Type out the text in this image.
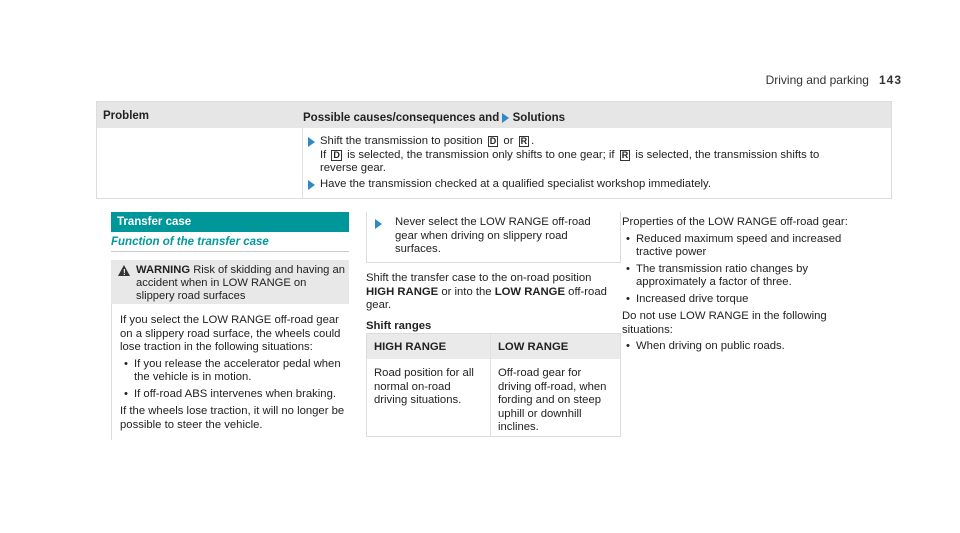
Driving and parking 143
Problem	Possible causes/consequences and

Solutions
Shift the transmission to position D or R .
If D is selected, the transmission only shifts to one gear; if R is selected, the transmission shifts to
reverse gear.
Have the transmission checked at a qualified specialist workshop immediately.
Transfer case
Function of the transfer case
! WARNING Risk of skidding and having an accident when in LOW RANGE on slippery road surfaces
If you select the LOW RANGE off-road gear on a slippery road surface, the wheels could lose traction in the following situations:
• If you release the accelerator pedal when the vehicle is in motion.
• If off-road ABS intervenes when braking.
If the wheels lose traction, it will no longer be possible to steer the vehicle.
Never select the LOW RANGE off-road gear when driving on slippery road surfaces.
Shift the transfer case to the on-road position HIGH RANGE or into the LOW RANGE off-road gear.
Shift ranges
HIGH RANGE	LOW RANGE
Road position for all normal on-road driving situations.
Off-road gear for driving off-road, when fording and on steep uphill or downhill inclines.
Properties of the LOW RANGE off-road gear:
• Reduced maximum speed and increased tractive power
• The transmission ratio changes by approximately a factor of three.
• Increased drive torque
Do not use LOW RANGE in the following situations:
• When driving on public roads.
